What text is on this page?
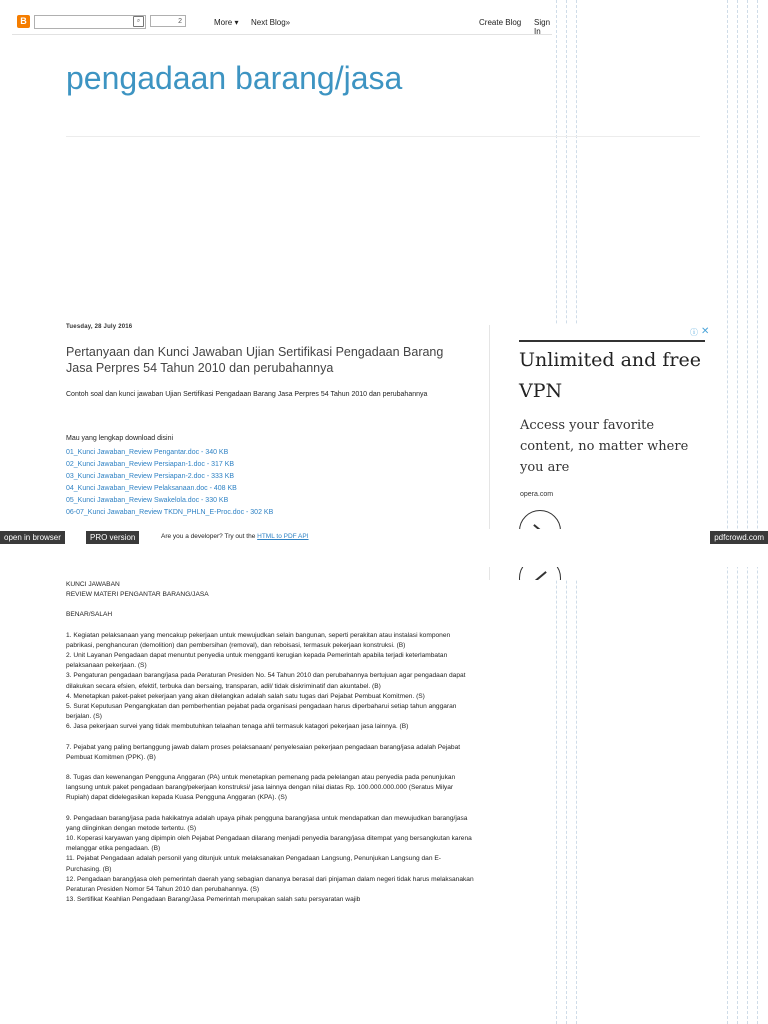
B	⌕	2	More ▾ Next Blog»	Create Blog Sign In
pengadaan barang/jasa
Tuesday, 28 July 2016
Pertanyaan dan Kunci Jawaban Ujian Sertifikasi Pengadaan Barang Jasa Perpres 54 Tahun 2010 dan perubahannya
Contoh soal dan kunci jawaban Ujian Sertifikasi Pengadaan Barang Jasa Perpres 54 Tahun 2010 dan perubahannya
Mau yang lengkap download disini
01_Kunci Jawaban_Review Pengantar.doc - 340 KB
02_Kunci Jawaban_Review Persiapan-1.doc - 317 KB
03_Kunci Jawaban_Review Persiapan-2.doc - 333 KB
04_Kunci Jawaban_Review Pelaksanaan.doc - 408 KB
05_Kunci Jawaban_Review Swakelola.doc - 330 KB
06-07_Kunci Jawaban_Review TKDN_PHLN_E-Proc.doc - 302 KB

KUNCI JAWABAN
REVIEW MATERI PENGANTAR BARANG/JASA

BENAR/SALAH

1. Kegiatan pelaksanaan yang mencakup pekerjaan untuk mewujudkan selain bangunan, seperti perakitan atau instalasi komponen pabrikasi, penghancuran (demolition) dan pembersihan (removal), dan reboisasi, termasuk pekerjaan konstruksi. (B)
2. Unit Layanan Pengadaan dapat menuntut penyedia untuk mengganti kerugian kepada Pemerintah apabila terjadi keterlambatan pelaksanaan pekerjaan. (S)
3. Pengaturan pengadaan barang/jasa pada Peraturan Presiden No. 54 Tahun 2010 dan perubahannya bertujuan agar pengadaan dapat dilakukan secara efsien, efektif, terbuka dan bersaing, transparan, adil/ tidak diskriminatif dan akuntabel. (B)
4. Menetapkan paket-paket pekerjaan yang akan dilelangkan adalah salah satu tugas dari Pejabat Pembuat Komitmen. (S)
5. Surat Keputusan Pengangkatan dan pemberhentian pejabat pada organisasi pengadaan harus diperbaharui setiap tahun anggaran berjalan. (S)
6. Jasa pekerjaan survei yang tidak membutuhkan telaahan tenaga ahli termasuk katagori pekerjaan jasa lainnya. (B)

7. Pejabat yang paling bertanggung jawab dalam proses pelaksanaan/ penyelesaian pekerjaan pengadaan barang/jasa adalah Pejabat Pembuat Komitmen (PPK). (B)

8. Tugas dan kewenangan Pengguna Anggaran (PA) untuk menetapkan pemenang pada pelelangan atau penyedia pada penunjukan langsung untuk paket pengadaan barang/pekerjaan konstruksi/ jasa lainnya dengan nilai diatas Rp. 100.000.000.000 (Seratus Milyar Rupiah) dapat didelegasikan kepada Kuasa Pengguna Anggaran (KPA). (S)

9. Pengadaan barang/jasa pada hakikatnya adalah upaya pihak pengguna barang/jasa untuk mendapatkan dan mewujudkan barang/jasa yang diinginkan dengan metode tertentu. (S)
10. Koperasi karyawan yang dipimpin oleh Pejabat Pengadaan dilarang menjadi penyedia barang/jasa ditempat yang bersangkutan karena melanggar etika pengadaan. (B)
11. Pejabat Pengadaan adalah personil yang ditunjuk untuk melaksanakan Pengadaan Langsung, Penunjukan Langsung dan E-Purchasing. (B)
12. Pengadaan barang/jasa oleh pemerintah daerah yang sebagian dananya berasal dari pinjaman dalam negeri tidak harus melaksanakan Peraturan Presiden Nomor 54 Tahun 2010 dan perubahannya. (S)
13. Sertifikat Keahlian Pengadaan Barang/Jasa Pemerintah merupakan salah satu persyaratan wajib

ⓘ ✕
Unlimited and free VPN
Access your favorite content, no matter where you are
opera.com
open in browser	PRO version	Are you a developer? Try out the HTML to PDF API	pdfcrowd.com
